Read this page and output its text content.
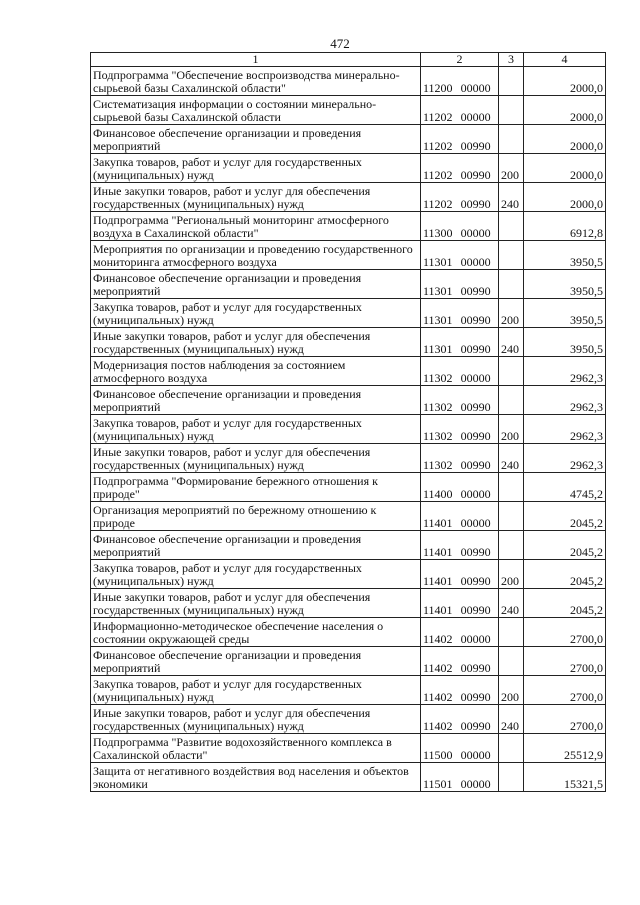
472
1	2	3	4
Подпрограмма "Обеспечение воспроизводства минерально-сырьевой базы Сахалинской области"	11200 00000		2000,0
Систематизация информации о состоянии минерально-сырьевой базы Сахалинской области	11202 00000		2000,0
Финансовое обеспечение организации и проведения мероприятий	11202 00990		2000,0
Закупка товаров, работ и услуг для государственных (муниципальных) нужд	11202 00990	200	2000,0
Иные закупки товаров, работ и услуг для обеспечения государственных (муниципальных) нужд	11202 00990	240	2000,0
Подпрограмма "Региональный мониторинг атмосферного воздуха в Сахалинской области"	11300 00000		6912,8
Мероприятия по организации и проведению государственного мониторинга атмосферного воздуха	11301 00000		3950,5
Финансовое обеспечение организации и проведения мероприятий	11301 00990		3950,5
Закупка товаров, работ и услуг для государственных (муниципальных) нужд	11301 00990	200	3950,5
Иные закупки товаров, работ и услуг для обеспечения государственных (муниципальных) нужд	11301 00990	240	3950,5
Модернизация постов наблюдения за состоянием атмосферного воздуха	11302 00000		2962,3
Финансовое обеспечение организации и проведения мероприятий	11302 00990		2962,3
Закупка товаров, работ и услуг для государственных (муниципальных) нужд	11302 00990	200	2962,3
Иные закупки товаров, работ и услуг для обеспечения государственных (муниципальных) нужд	11302 00990	240	2962,3
Подпрограмма "Формирование бережного отношения к природе"	11400 00000		4745,2
Организация мероприятий по бережному отношению к природе	11401 00000		2045,2
Финансовое обеспечение организации и проведения мероприятий	11401 00990		2045,2
Закупка товаров, работ и услуг для государственных (муниципальных) нужд	11401 00990	200	2045,2
Иные закупки товаров, работ и услуг для обеспечения государственных (муниципальных) нужд	11401 00990	240	2045,2
Информационно-методическое обеспечение населения о состоянии окружающей среды	11402 00000		2700,0
Финансовое обеспечение организации и проведения мероприятий	11402 00990		2700,0
Закупка товаров, работ и услуг для государственных (муниципальных) нужд	11402 00990	200	2700,0
Иные закупки товаров, работ и услуг для обеспечения государственных (муниципальных) нужд	11402 00990	240	2700,0
Подпрограмма "Развитие водохозяйственного комплекса в Сахалинской области"	11500 00000		25512,9
Защита от негативного воздействия вод населения и объектов экономики	11501 00000		15321,5
